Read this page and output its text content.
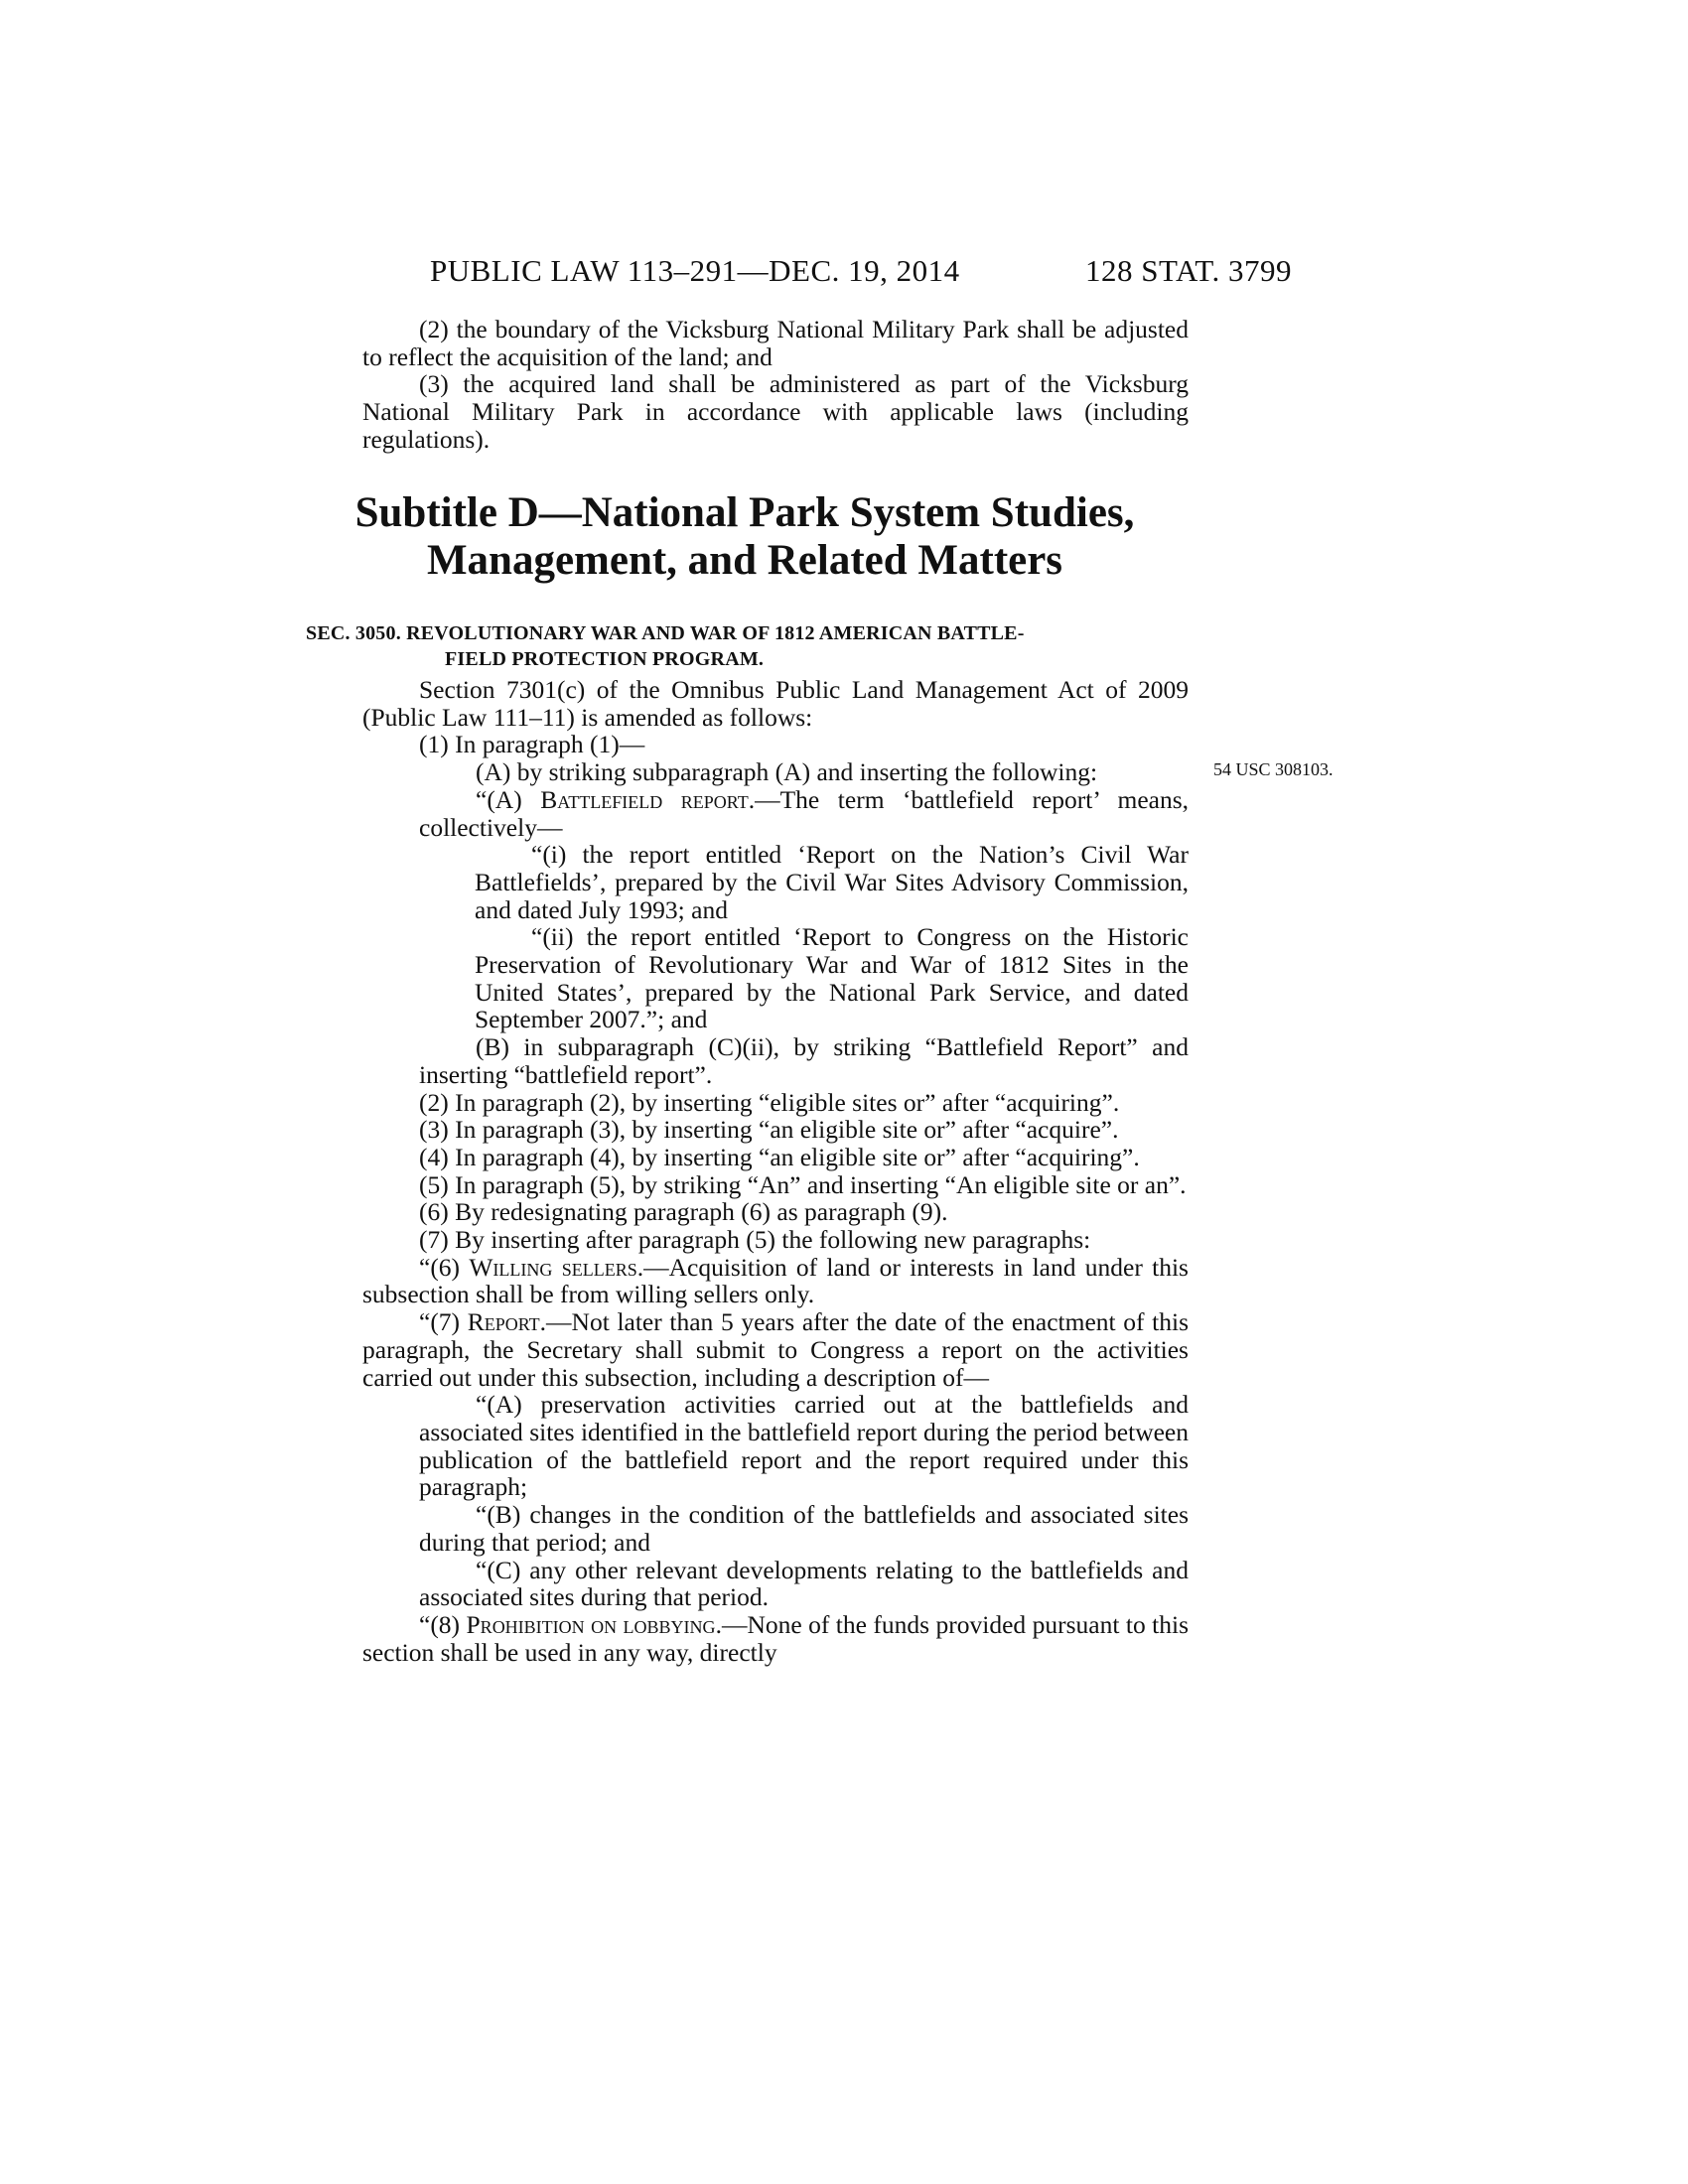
PUBLIC LAW 113–291—DEC. 19, 2014	128 STAT. 3799

(2) the boundary of the Vicksburg National Military Park shall be adjusted to reflect the acquisition of the land; and

(3) the acquired land shall be administered as part of the Vicksburg National Military Park in accordance with applicable laws (including regulations).

Subtitle D—National Park System Studies,
Management, and Related Matters
SEC. 3050. REVOLUTIONARY WAR AND WAR OF 1812 AMERICAN BATTLE-
FIELD PROTECTION PROGRAM.
54 USC 308103.

Section 7301(c) of the Omnibus Public Land Management Act of 2009 (Public Law 111–11) is amended as follows:

(1) In paragraph (1)—

(A) by striking subparagraph (A) and inserting the following:

“(A) Battlefield report.—The term ‘battlefield report’ means, collectively—

“(i) the report entitled ‘Report on the Nation’s Civil War Battlefields’, prepared by the Civil War Sites Advisory Commission, and dated July 1993; and

“(ii) the report entitled ‘Report to Congress on the Historic Preservation of Revolutionary War and War of 1812 Sites in the United States’, prepared by the National Park Service, and dated September 2007.”; and

(B) in subparagraph (C)(ii), by striking “Battlefield Report” and inserting “battlefield report”.

(2) In paragraph (2), by inserting “eligible sites or” after “acquiring”.

(3) In paragraph (3), by inserting “an eligible site or” after “acquire”.

(4) In paragraph (4), by inserting “an eligible site or” after “acquiring”.

(5) In paragraph (5), by striking “An” and inserting “An eligible site or an”.

(6) By redesignating paragraph (6) as paragraph (9).

(7) By inserting after paragraph (5) the following new paragraphs:

“(6) Willing sellers.—Acquisition of land or interests in land under this subsection shall be from willing sellers only.

“(7) Report.—Not later than 5 years after the date of the enactment of this paragraph, the Secretary shall submit to Congress a report on the activities carried out under this subsection, including a description of—

“(A) preservation activities carried out at the battlefields and associated sites identified in the battlefield report during the period between publication of the battlefield report and the report required under this paragraph;

“(B) changes in the condition of the battlefields and associated sites during that period; and

“(C) any other relevant developments relating to the battlefields and associated sites during that period.

“(8) Prohibition on lobbying.—None of the funds provided pursuant to this section shall be used in any way, directly
